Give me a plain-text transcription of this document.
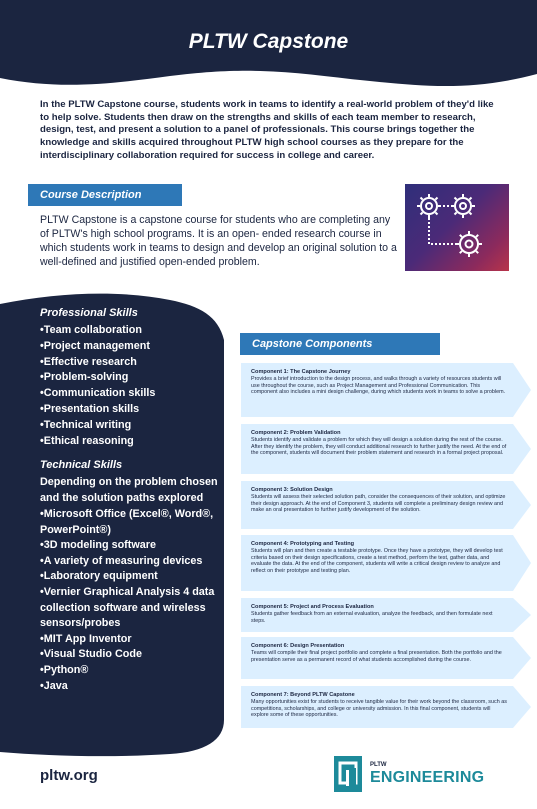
PLTW Capstone

In the PLTW Capstone course, students work in teams to identify a real-world problem of they'd like to help solve. Students then draw on the strengths and skills of each team member to research, design, test, and present a solution to a panel of professionals. This course brings together the knowledge and skills acquired throughout PLTW high school courses as they prepare for the interdisciplinary collaboration required for success in college and career.

Course Description

PLTW Capstone is a capstone course for students who are completing any of PLTW's high school programs. It is an open- ended research course in which students work in teams to design and develop an original solution to a well-defined and justified open-ended problem.

Professional Skills
•Team collaboration
•Project management
•Effective research
•Problem-solving
•Communication skills
•Presentation skills
•Technical writing
•Ethical reasoning
Technical Skills
Depending on the problem chosen and the solution paths explored
•Microsoft Office (Excel®, Word®, PowerPoint®)
•3D modeling software
•A variety of measuring devices
•Laboratory equipment
•Vernier Graphical Analysis 4 data collection software and wireless sensors/probes
•MIT App Inventor
•Visual Studio Code
•Python®
•Java
Capstone Components
Component 1: The Capstone Journey
Provides a brief introduction to the design process, and walks through a variety of resources students will use throughout the course, such as Project Management and Professional Communication. This component also includes a mini design challenge, during which students work in teams to solve a problem.
Component 2: Problem Validation
Students identify and validate a problem for which they will design a solution during the rest of the course. After they identify the problem, they will conduct additional research to further justify the need. At the end of the component, students will document their problem statement and research in a formal project proposal.
Component 3: Solution Design
Students will assess their selected solution path, consider the consequences of their solution, and optimize their design approach. At the end of Component 3, students will complete a preliminary design review and make an oral presentation to further justify development of the solution.
Component 4: Prototyping and Testing
Students will plan and then create a testable prototype. Once they have a prototype, they will develop test criteria based on their design specifications, create a test method, perform the test, gather data, and evaluate the data. At the end of the component, students will write a critical design review to analyze and reflect on their prototype and testing plan.
Component 5: Project and Process Evaluation
Students gather feedback from an external evaluation, analyze the feedback, and then formulate next steps.
Component 6: Design Presentation
Teams will compile their final project portfolio and complete a final presentation. Both the portfolio and the presentation serve as a permanent record of what students accomplished during the course.
Component 7: Beyond PLTW Capstone
Many opportunities exist for students to receive tangible value for their work beyond the classroom, such as competitions, scholarships, and college or university admission. In this final component, students will explore some of these opportunities.
pltw.org
PLTW
ENGINEERING
